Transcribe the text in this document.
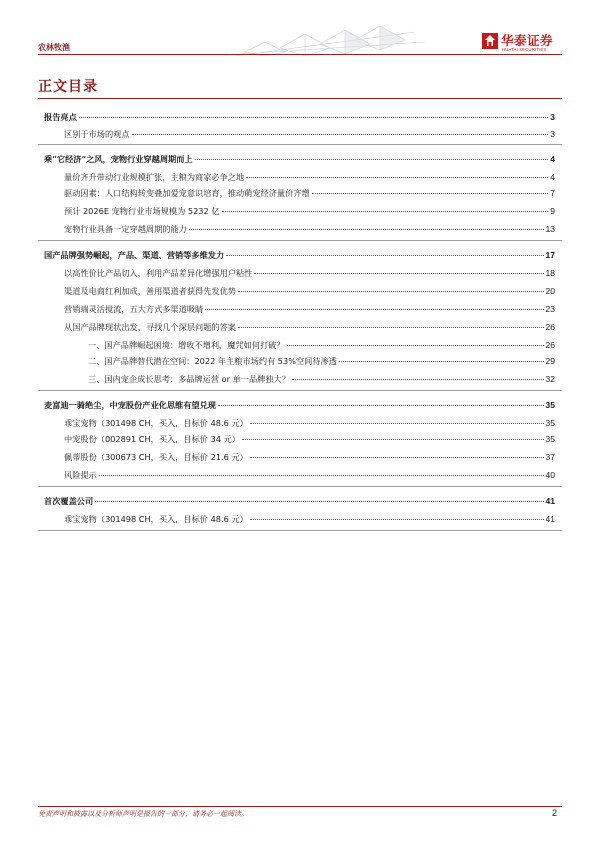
农林牧渔	华泰证券
HUATAI SECURITIES
正文目录
报告亮点	3
区别于市场的观点	3
乘“它经济”之风，宠物行业穿越周期而上	4
量价齐升带动行业规模扩张，主粮为商家必争之地	4
驱动因素：人口结构转变叠加爱宠意识培育，推动萌宠经济量价齐增	7
预计 2026E 宠物行业市场规模为 5232 亿	9
宠物行业具备一定穿越周期的能力	13
国产品牌强势崛起，产品、渠道、营销等多维发力	17
以高性价比产品切入，利用产品差异化增强用户粘性	18
渠道及电商红利加成，善用渠道者获得先发优势	20
营销端灵活搅流，五大方式多渠道吸睛	23
从国产品牌现状出发，寻找几个深层问题的答案	26
一、国产品牌崛起困境：增收不增利，魔咒如何打破？	26
二、国产品牌替代潜在空间：2022 年主粮市场约有 53%空间待渗透	29
三、国内宠企成长思考：多品牌运营 or 单一品牌独大？	32
麦富迪一骑绝尘，中宠股份产业化思维有望兑现	35
乖宝宠物（301498 CH，买入，目标价 48.6 元）	35
中宠股份（002891 CH，买入，目标价 34 元）	35
佩蒂股份（300673 CH，买入，目标价 21.6 元）	37
风险提示	40
首次覆盖公司	41
乖宝宠物（301498 CH，买入，目标价 48.6 元）	41
免责声明和披露以及分析师声明是报告的一部分，请务必一起阅读。	2
